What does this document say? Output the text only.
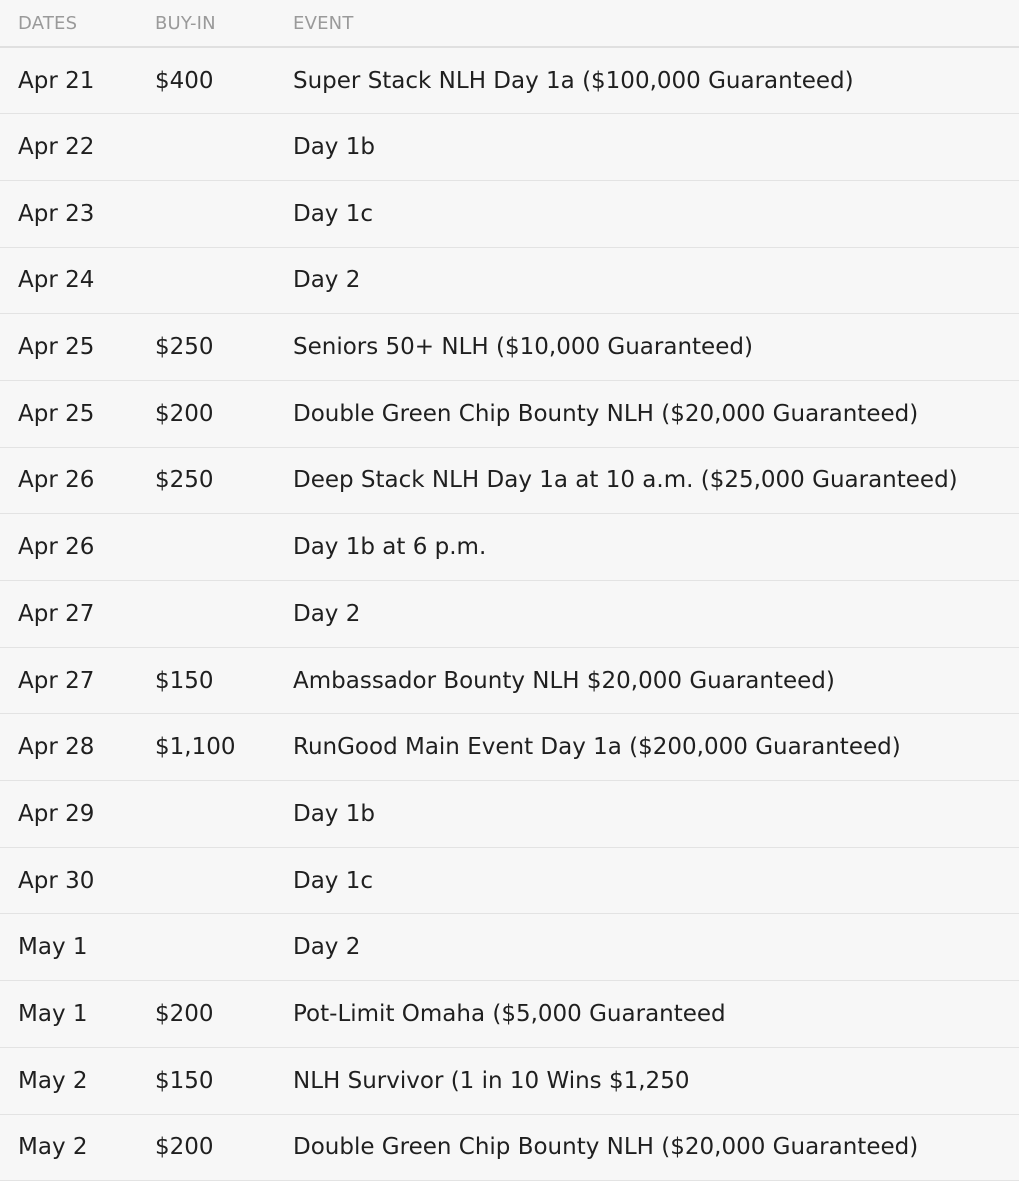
DATES	BUY-IN	EVENT
Apr 21	$400	Super Stack NLH Day 1a ($100,000 Guaranteed)
Apr 22		Day 1b
Apr 23		Day 1c
Apr 24		Day 2
Apr 25	$250	Seniors 50+ NLH ($10,000 Guaranteed)
Apr 25	$200	Double Green Chip Bounty NLH ($20,000 Guaranteed)
Apr 26	$250	Deep Stack NLH Day 1a at 10 a.m. ($25,000 Guaranteed)
Apr 26		Day 1b at 6 p.m.
Apr 27		Day 2
Apr 27	$150	Ambassador Bounty NLH $20,000 Guaranteed)
Apr 28	$1,100	RunGood Main Event Day 1a ($200,000 Guaranteed)
Apr 29		Day 1b
Apr 30		Day 1c
May 1		Day 2
May 1	$200	Pot-Limit Omaha ($5,000 Guaranteed
May 2	$150	NLH Survivor (1 in 10 Wins $1,250
May 2	$200	Double Green Chip Bounty NLH ($20,000 Guaranteed)
